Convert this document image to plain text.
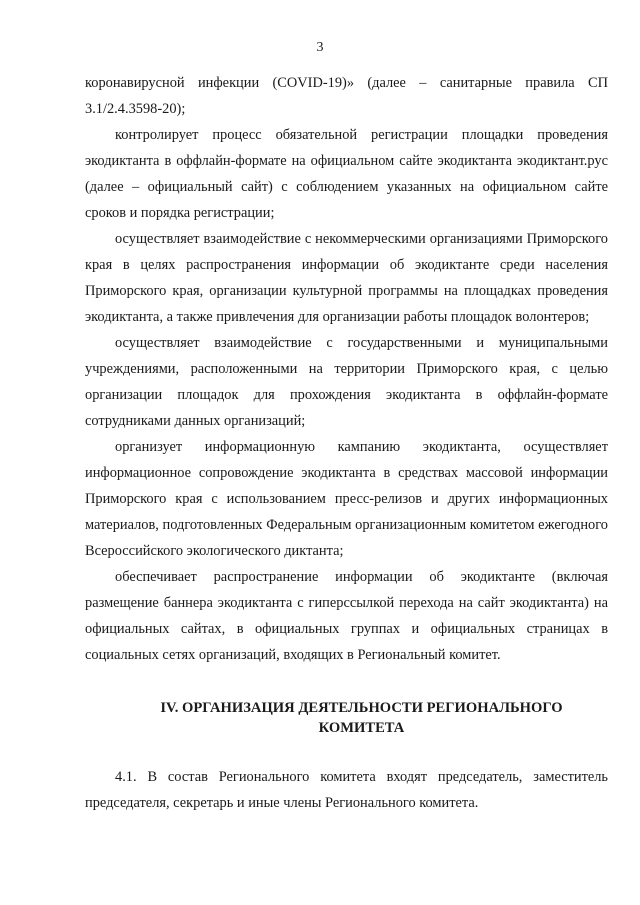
3

коронавирусной инфекции (COVID-19)» (далее – санитарные правила СП 3.1/2.4.3598-20);

контролирует процесс обязательной регистрации площадки проведения экодиктанта в оффлайн-формате на официальном сайте экодиктанта экодиктант.рус (далее – официальный сайт) с соблюдением указанных на официальном сайте сроков и порядка регистрации;

осуществляет взаимодействие с некоммерческими организациями Приморского края в целях распространения информации об экодиктанте среди населения Приморского края, организации культурной программы на площадках проведения экодиктанта, а также привлечения для организации работы площадок волонтеров;

осуществляет взаимодействие с государственными и муниципальными учреждениями, расположенными на территории Приморского края, с целью организации площадок для прохождения экодиктанта в оффлайн-формате сотрудниками данных организаций;

организует информационную кампанию экодиктанта, осуществляет информационное сопровождение экодиктанта в средствах массовой информации Приморского края с использованием пресс-релизов и других информационных материалов, подготовленных Федеральным организационным комитетом ежегодного Всероссийского экологического диктанта;

обеспечивает распространение информации об экодиктанте (включая размещение баннера экодиктанта с гиперссылкой перехода на сайт экодиктанта) на официальных сайтах, в официальных группах и официальных страницах в социальных сетях организаций, входящих в Региональный комитет.

IV. ОРГАНИЗАЦИЯ ДЕЯТЕЛЬНОСТИ РЕГИОНАЛЬНОГО
КОМИТЕТА

4.1. В состав Регионального комитета входят председатель, заместитель председателя, секретарь и иные члены Регионального комитета.
